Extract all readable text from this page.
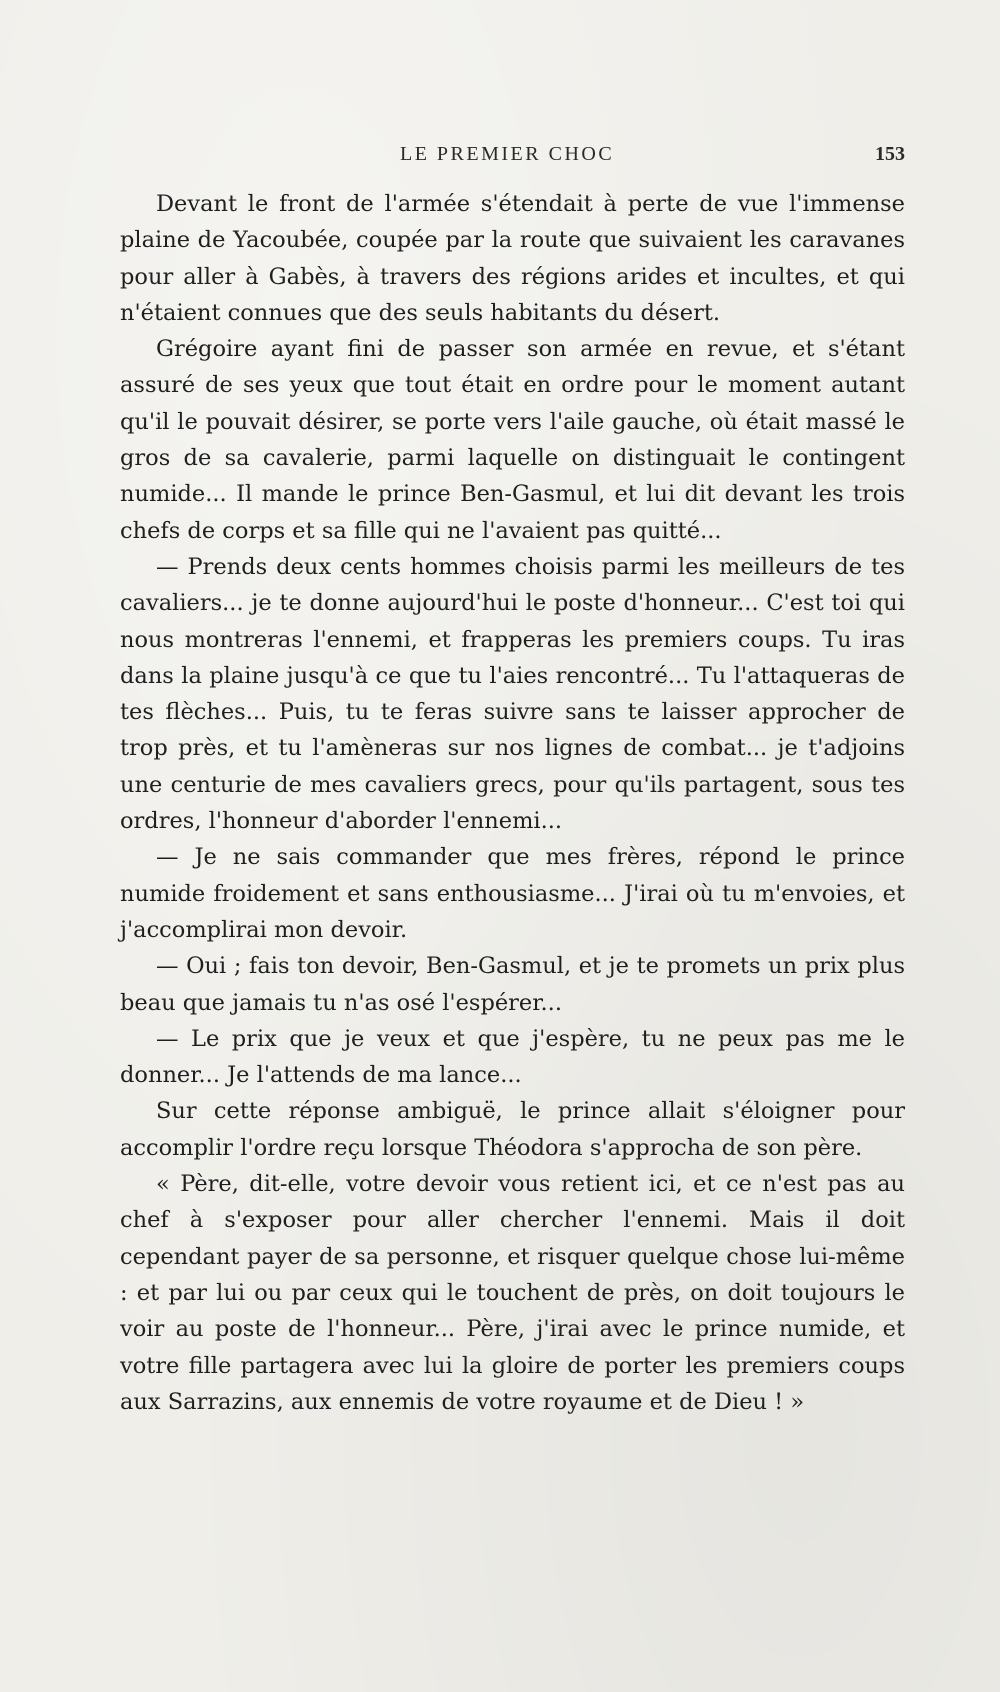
LE PREMIER CHOC	153

Devant le front de l'armée s'étendait à perte de vue l'immense plaine de Yacoubée, coupée par la route que suivaient les caravanes pour aller à Gabès, à travers des régions arides et incultes, et qui n'étaient connues que des seuls habitants du désert.

Grégoire ayant fini de passer son armée en revue, et s'étant assuré de ses yeux que tout était en ordre pour le moment autant qu'il le pouvait désirer, se porte vers l'aile gauche, où était massé le gros de sa cavalerie, parmi laquelle on distinguait le contingent numide... Il mande le prince Ben-Gasmul, et lui dit devant les trois chefs de corps et sa fille qui ne l'avaient pas quitté...

— Prends deux cents hommes choisis parmi les meilleurs de tes cavaliers... je te donne aujourd'hui le poste d'honneur... C'est toi qui nous montreras l'ennemi, et frapperas les premiers coups. Tu iras dans la plaine jusqu'à ce que tu l'aies rencontré... Tu l'attaqueras de tes flèches... Puis, tu te feras suivre sans te laisser approcher de trop près, et tu l'amèneras sur nos lignes de combat... je t'adjoins une centurie de mes cavaliers grecs, pour qu'ils partagent, sous tes ordres, l'honneur d'aborder l'ennemi...

— Je ne sais commander que mes frères, répond le prince numide froidement et sans enthousiasme... J'irai où tu m'envoies, et j'accomplirai mon devoir.

— Oui ; fais ton devoir, Ben-Gasmul, et je te promets un prix plus beau que jamais tu n'as osé l'espérer...

— Le prix que je veux et que j'espère, tu ne peux pas me le donner... Je l'attends de ma lance...

Sur cette réponse ambiguë, le prince allait s'éloigner pour accomplir l'ordre reçu lorsque Théodora s'approcha de son père.

« Père, dit-elle, votre devoir vous retient ici, et ce n'est pas au chef à s'exposer pour aller chercher l'ennemi. Mais il doit cependant payer de sa personne, et risquer quelque chose lui-même : et par lui ou par ceux qui le touchent de près, on doit toujours le voir au poste de l'honneur... Père, j'irai avec le prince numide, et votre fille partagera avec lui la gloire de porter les premiers coups aux Sarrazins, aux ennemis de votre royaume et de Dieu ! »
